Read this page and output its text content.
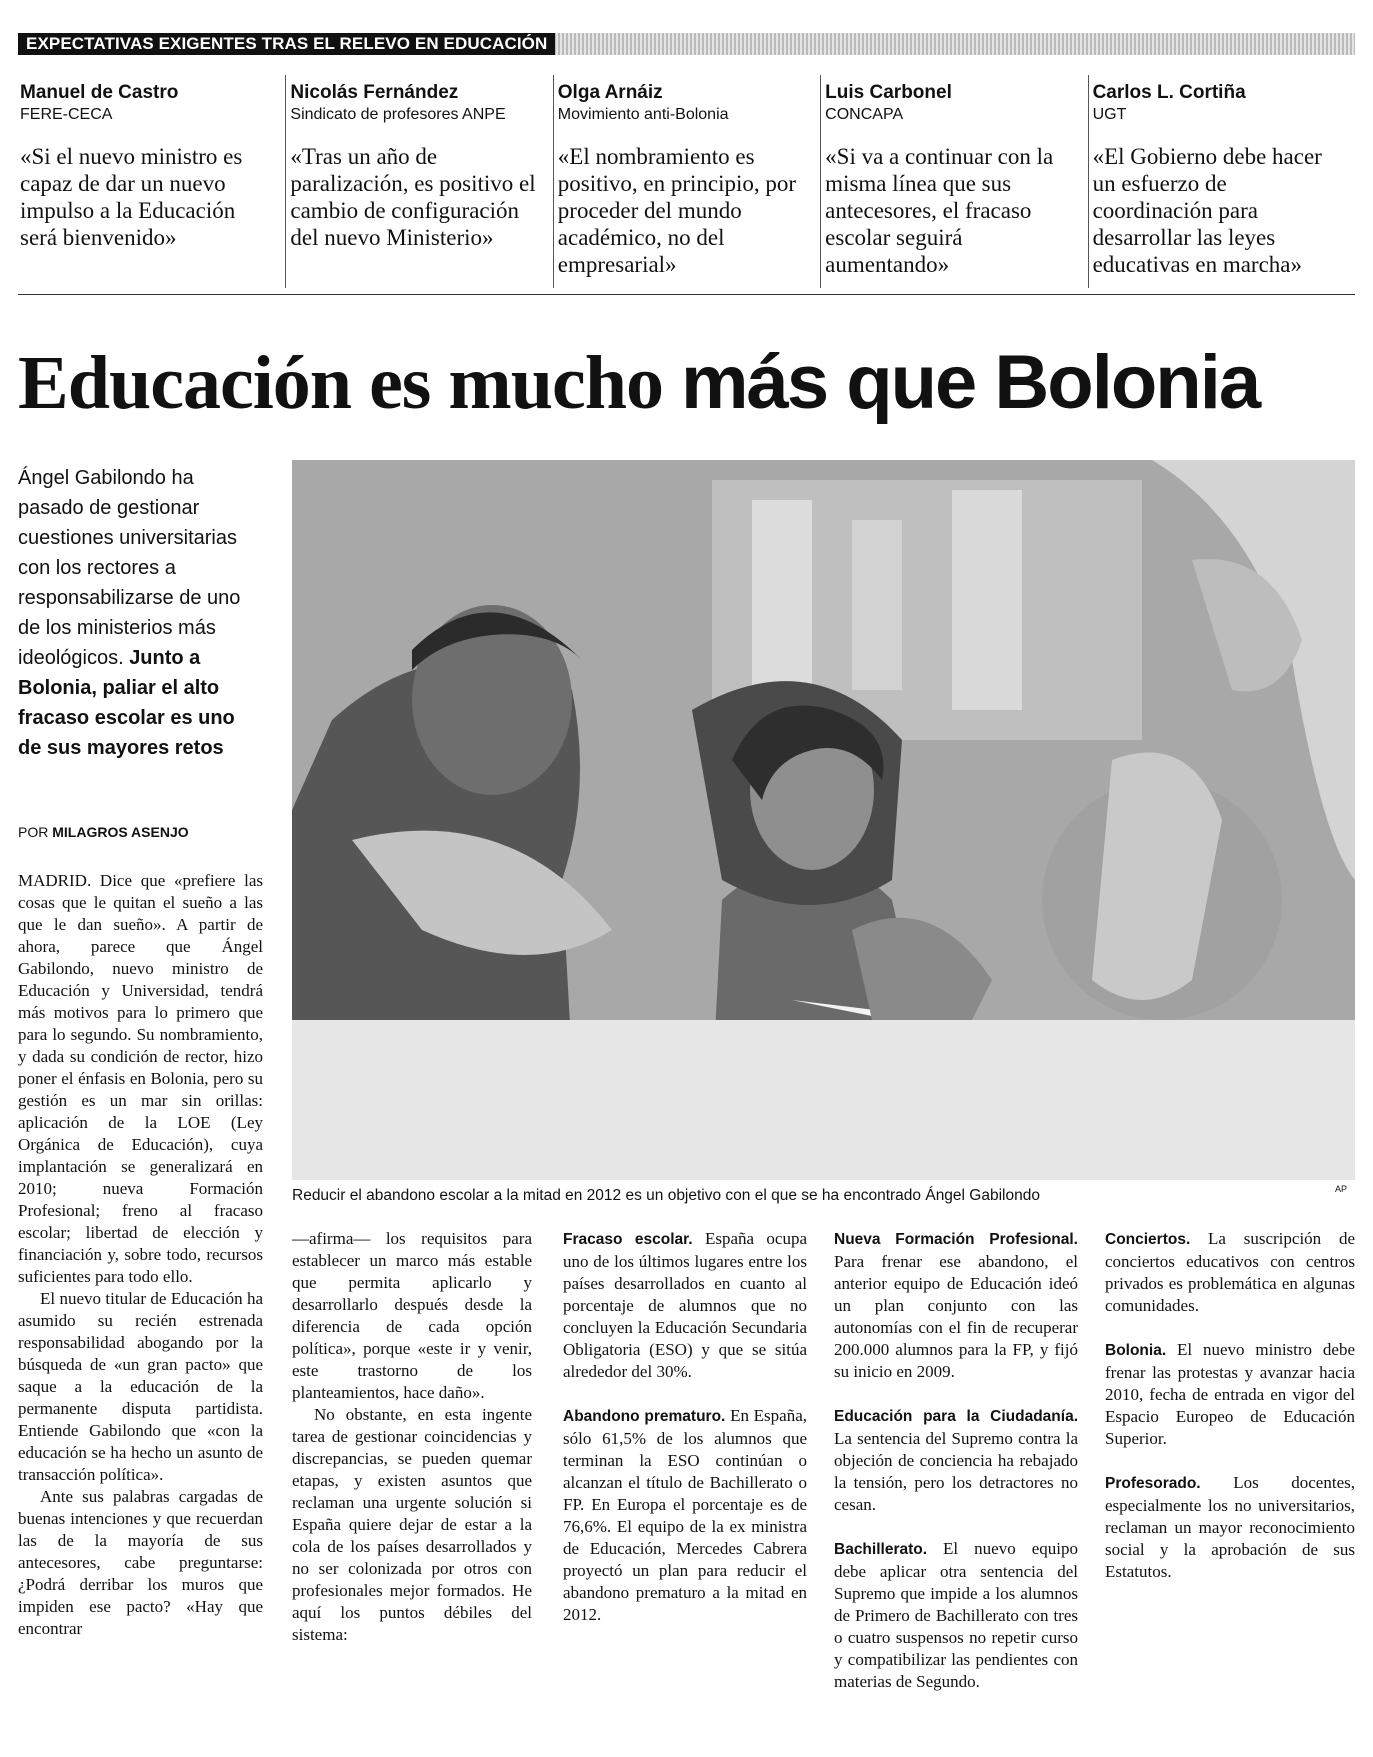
EXPECTATIVAS EXIGENTES TRAS EL RELEVO EN EDUCACIÓN
Manuel de Castro
FERE-CECA
«Si el nuevo ministro es capaz de dar un nuevo impulso a la Educación será bienvenido»
Nicolás Fernández
Sindicato de profesores ANPE
«Tras un año de paralización, es positivo el cambio de configuración del nuevo Ministerio»
Olga Arnáiz
Movimiento anti-Bolonia
«El nombramiento es positivo, en principio, por proceder del mundo académico, no del empresarial»
Luis Carbonel
CONCAPA
«Si va a continuar con la misma línea que sus antecesores, el fracaso escolar seguirá aumentando»
Carlos L. Cortiña
UGT
«El Gobierno debe hacer un esfuerzo de coordinación para desarrollar las leyes educativas en marcha»
Educación es mucho más que Bolonia
Ángel Gabilondo ha pasado de gestionar cuestiones universitarias con los rectores a responsabilizarse de uno de los ministerios más ideológicos. Junto a Bolonia, paliar el alto fracaso escolar es uno de sus mayores retos
POR MILAGROS ASENJO
Reducir el abandono escolar a la mitad en 2012 es un objetivo con el que se ha encontrado Ángel Gabilondo	AP

MADRID. Dice que «prefiere las cosas que le quitan el sueño a las que le dan sueño». A partir de ahora, parece que Ángel Gabilondo, nuevo ministro de Educación y Universidad, tendrá más motivos para lo primero que para lo segundo. Su nombramiento, y dada su condición de rector, hizo poner el énfasis en Bolonia, pero su gestión es un mar sin orillas: aplicación de la LOE (Ley Orgánica de Educación), cuya implantación se generalizará en 2010; nueva Formación Profesional; freno al fracaso escolar; libertad de elección y financiación y, sobre todo, recursos suficientes para todo ello.

El nuevo titular de Educación ha asumido su recién estrenada responsabilidad abogando por la búsqueda de «un gran pacto» que saque a la educación de la permanente disputa partidista. Entiende Gabilondo que «con la educación se ha hecho un asunto de transacción política».

Ante sus palabras cargadas de buenas intenciones y que recuerdan las de la mayoría de sus antecesores, cabe preguntarse: ¿Podrá derribar los muros que impiden ese pacto? «Hay que encontrar

—afirma— los requisitos para establecer un marco más estable que permita aplicarlo y desarrollarlo después desde la diferencia de cada opción política», porque «este ir y venir, este trastorno de los planteamientos, hace daño».

No obstante, en esta ingente tarea de gestionar coincidencias y discrepancias, se pueden quemar etapas, y existen asuntos que reclaman una urgente solución si España quiere dejar de estar a la cola de los países desarrollados y no ser colonizada por otros con profesionales mejor formados. He aquí los puntos débiles del sistema:

Fracaso escolar. España ocupa uno de los últimos lugares entre los países desarrollados en cuanto al porcentaje de alumnos que no concluyen la Educación Secundaria Obligatoria (ESO) y que se sitúa alrededor del 30%.

Abandono prematuro. En España, sólo 61,5% de los alumnos que terminan la ESO continúan o alcanzan el título de Bachillerato o FP. En Europa el porcentaje es de 76,6%. El equipo de la ex ministra de Educación, Mercedes Cabrera proyectó un plan para reducir el abandono prematuro a la mitad en 2012.

Nueva Formación Profesional. Para frenar ese abandono, el anterior equipo de Educación ideó un plan conjunto con las autonomías con el fin de recuperar 200.000 alumnos para la FP, y fijó su inicio en 2009.

Educación para la Ciudadanía. La sentencia del Supremo contra la objeción de conciencia ha rebajado la tensión, pero los detractores no cesan.

Bachillerato. El nuevo equipo debe aplicar otra sentencia del Supremo que impide a los alumnos de Primero de Bachillerato con tres o cuatro suspensos no repetir curso y compatibilizar las pendientes con materias de Segundo.

Conciertos. La suscripción de conciertos educativos con centros privados es problemática en algunas comunidades.

Bolonia. El nuevo ministro debe frenar las protestas y avanzar hacia 2010, fecha de entrada en vigor del Espacio Europeo de Educación Superior.

Profesorado. Los docentes, especialmente los no universitarios, reclaman un mayor reconocimiento social y la aprobación de sus Estatutos.
